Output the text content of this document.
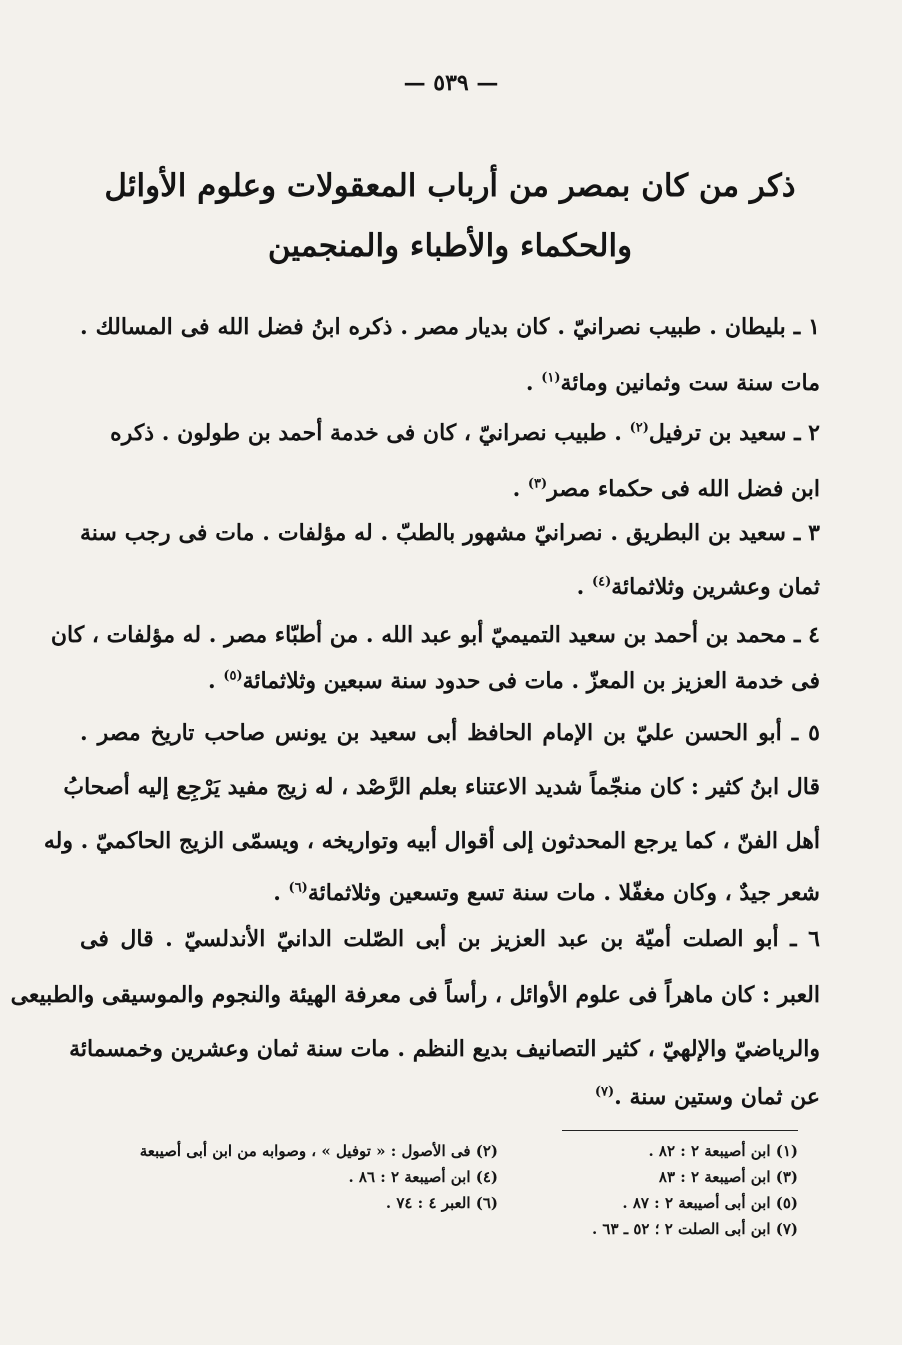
— ٥٣٩ —
ذكر من كان بمصر من أرباب المعقولات وعلوم الأوائل
والحكماء والأطباء والمنجمين
١ ـ بليطان . طبيب نصرانيّ . كان بديار مصر . ذكره ابنُ فضل الله فى المسالك .
مات سنة ست وثمانين ومائة$^{(١)}$ .
٢ ـ سعيد بن ترفيل$^{(٢)}$ . طبيب نصرانيّ ، كان فى خدمة أحمد بن طولون . ذكره
ابن فضل الله فى حكماء مصر$^{(٣)}$ .
٣ ـ سعيد بن البطريق . نصرانيّ مشهور بالطبّ . له مؤلفات . مات فى رجب سنة
ثمان وعشرين وثلاثمائة$^{(٤)}$ .
٤ ـ محمد بن أحمد بن سعيد التميميّ أبو عبد الله . من أطبّاء مصر . له مؤلفات ، كان
فى خدمة العزيز بن المعزّ . مات فى حدود سنة سبعين وثلاثمائة$^{(٥)}$ .
٥ ـ أبو الحسن عليّ بن الإمام الحافظ أبى سعيد بن يونس صاحب تاريخ مصر .
قال ابنُ كثير : كان منجّماً شديد الاعتناء بعلم الرَّصْد ، له زيج مفيد يَرْجِع إليه أصحابُ
أهل الفنّ ، كما يرجع المحدثون إلى أقوال أبيه وتواريخه ، ويسمّى الزيج الحاكميّ . وله
شعر جيدٌ ، وكان مغفّلا . مات سنة تسع وتسعين وثلاثمائة$^{(٦)}$ .
٦ ـ أبو الصلت أميّة بن عبد العزيز بن أبى الصّلت الدانيّ الأندلسيّ . قال فى
العبر : كان ماهراً فى علوم الأوائل ، رأساً فى معرفة الهيئة والنجوم والموسيقى والطبيعى
والرياضيّ والإلهيّ ، كثير التصانيف بديع النظم . مات سنة ثمان وعشرين وخمسمائة
عن ثمان وستين سنة .$^{(٧)}$
(١) ابن أصيبعة ٢ : ٨٢ .
(٢) فى الأصول : « توفيل » ، وصوابه من ابن أبى أصيبعة
(٣) ابن أصيبعة ٢ : ٨٣
(٤) ابن أصيبعة ٢ : ٨٦ .
(٥) ابن أبى أصيبعة ٢ : ٨٧ .
(٦) العبر ٤ : ٧٤ .
(٧) ابن أبى الصلت ٢ ؛ ٥٢ ـ ٦٣ .
